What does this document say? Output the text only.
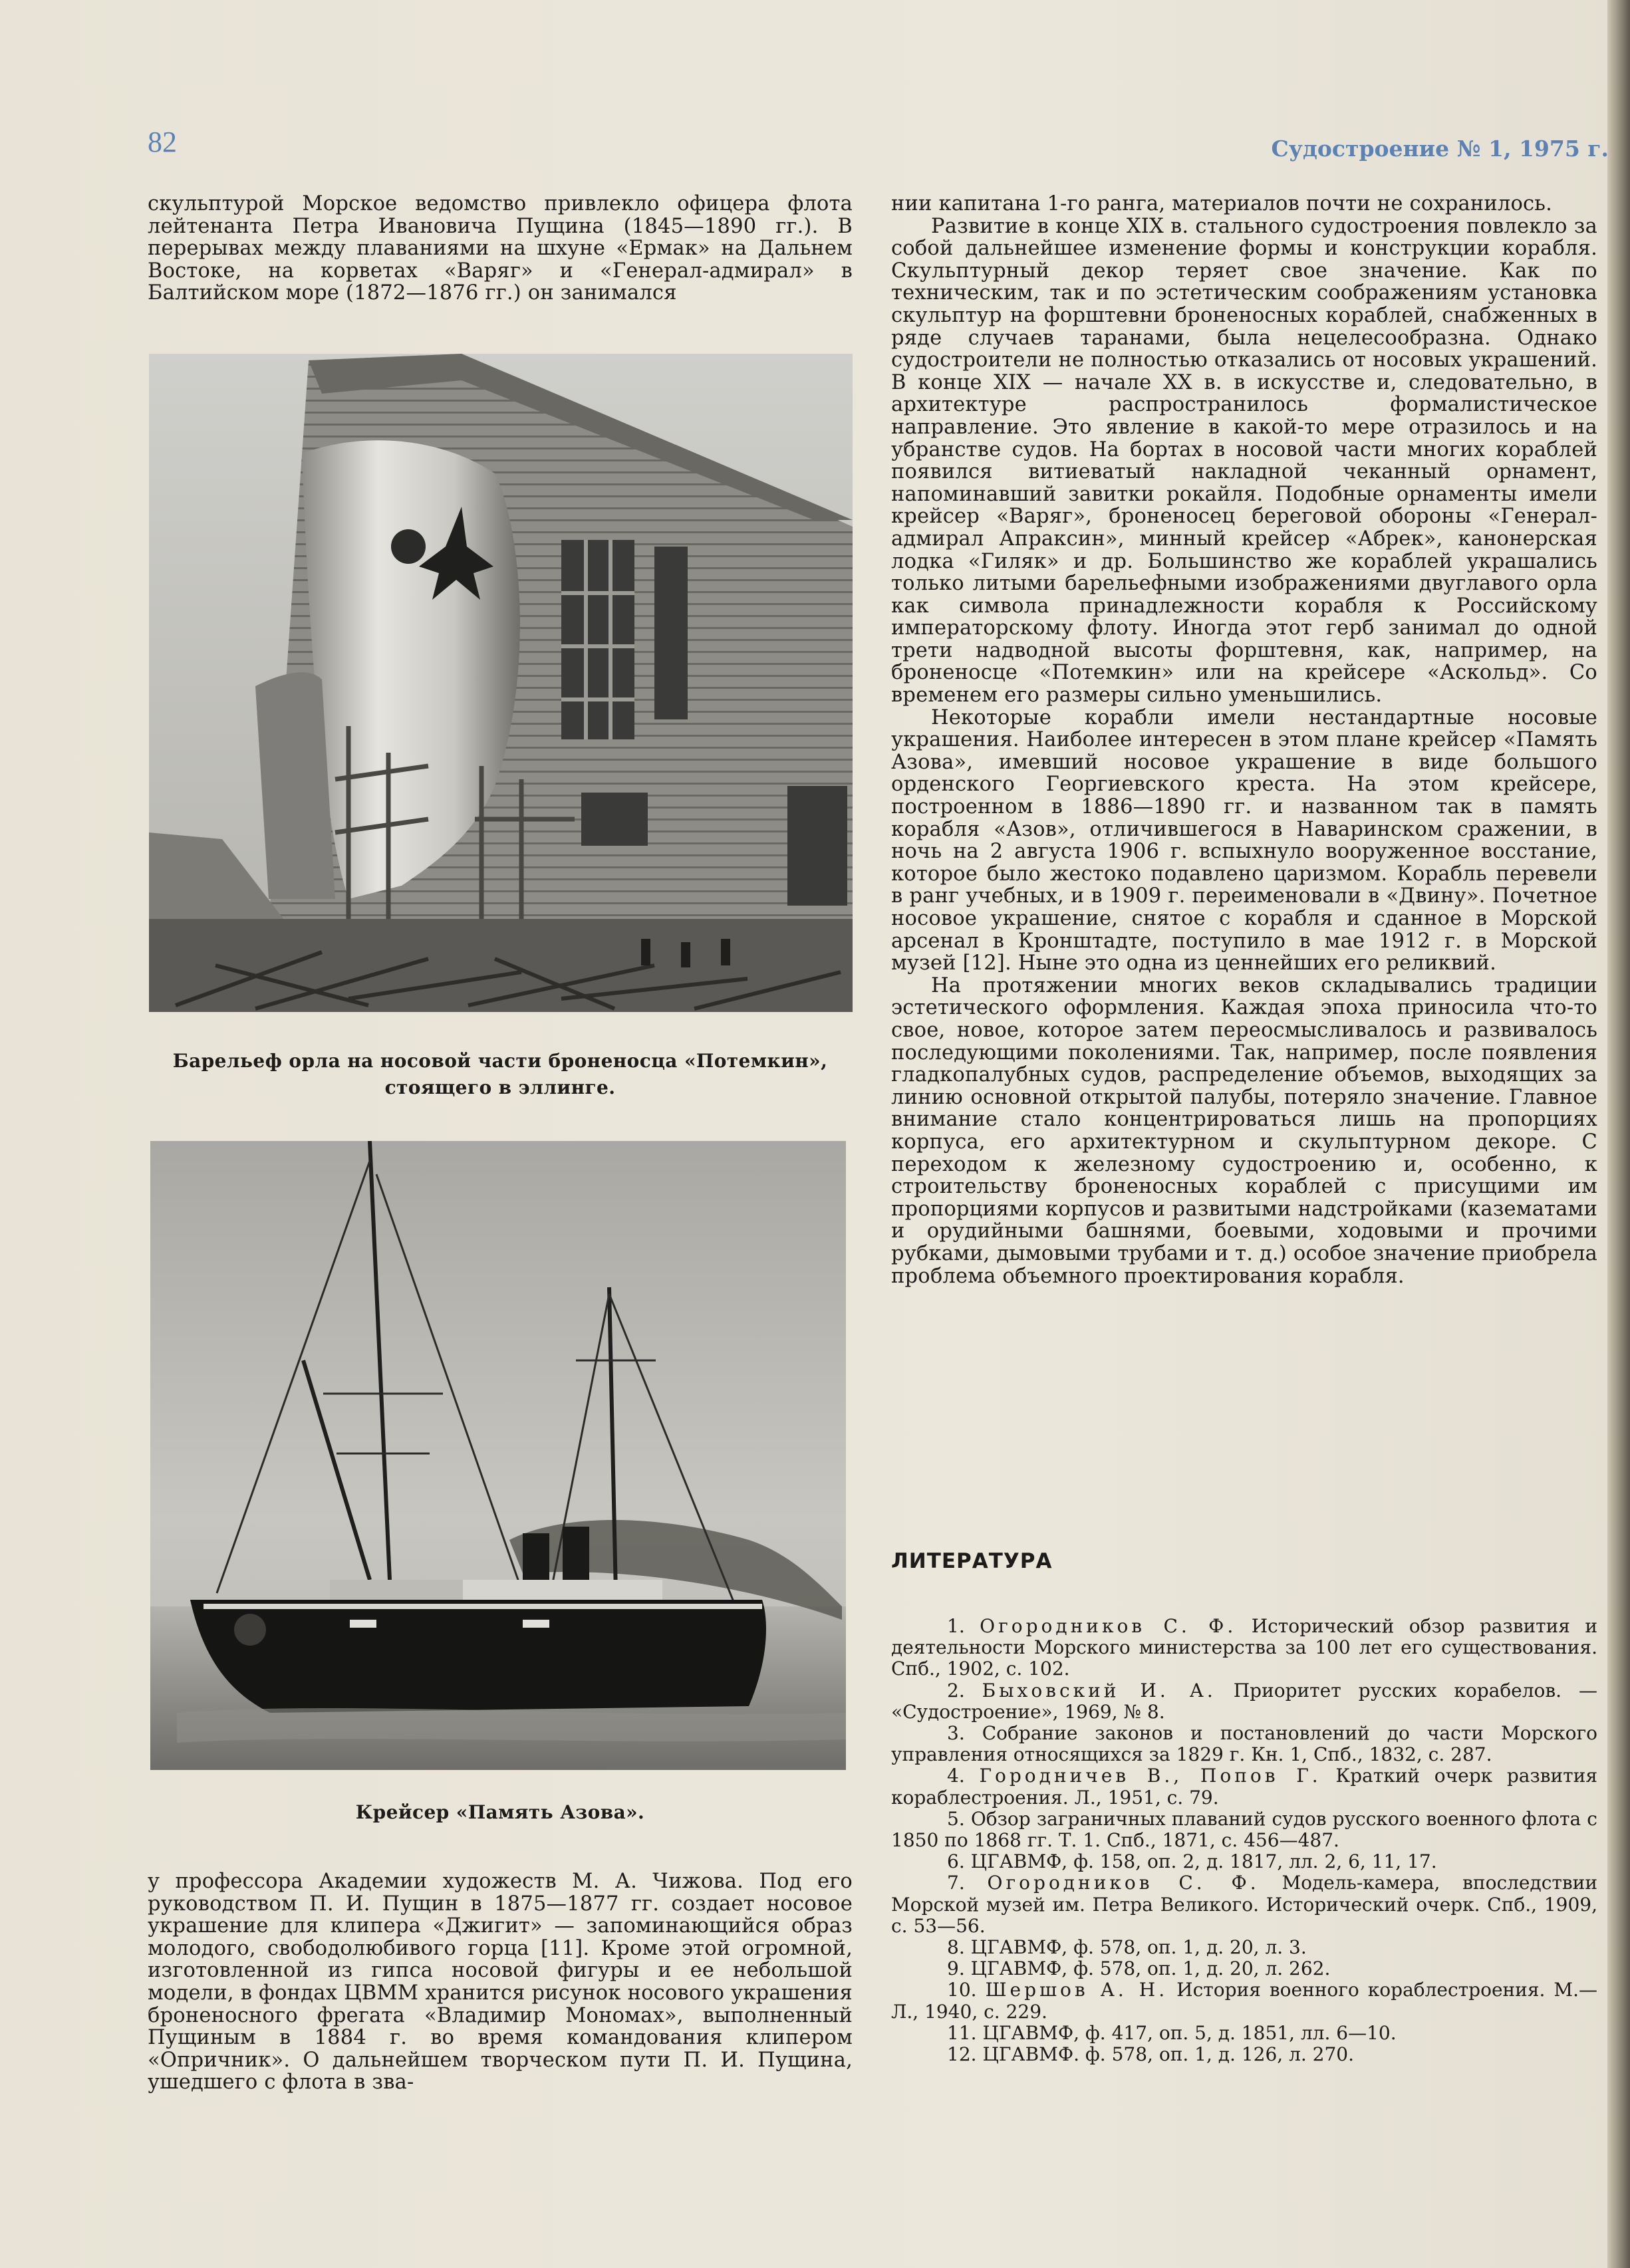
82	Судостроение № 1, 1975 г.

скульптурой Морское ведомство привлекло офицера флота лейтенанта Петра Ивановича Пущина (1845—1890 гг.). В перерывах между плаваниями на шхуне «Ермак» на Дальнем Востоке, на корветах «Варяг» и «Генерал-адмирал» в Балтийском море (1872—1876 гг.) он занимался

Барельеф орла на носовой части броненосца «Потемкин», стоящего в эллинге.
Крейсер «Память Азова».

у профессора Академии художеств М. А. Чижова. Под его руководством П. И. Пущин в 1875—1877 гг. создает носовое украшение для клипера «Джигит» — запоминающийся образ молодого, свободолюбивого горца [11]. Кроме этой огромной, изготовленной из гипса носовой фигуры и ее небольшой модели, в фондах ЦВММ хранится рисунок носового украшения броненосного фрегата «Владимир Мономах», выполненный Пущиным в 1884 г. во время командования клипером «Опричник». О дальнейшем творческом пути П. И. Пущина, ушедшего с флота в зва-

нии капитана 1-го ранга, материалов почти не сохранилось.

Развитие в конце XIX в. стального судостроения повлекло за собой дальнейшее изменение формы и конструкции корабля. Скульптурный декор теряет свое значение. Как по техническим, так и по эстетическим соображениям установка скульптур на форштевни броненосных кораблей, снабженных в ряде случаев таранами, была нецелесообразна. Однако судостроители не полностью отказались от носовых украшений. В конце XIX — начале XX в. в искусстве и, следовательно, в архитектуре распространилось формалистическое направление. Это явление в какой-то мере отразилось и на убранстве судов. На бортах в носовой части многих кораблей появился витиеватый накладной чеканный орнамент, напоминавший завитки рокайля. Подобные орнаменты имели крейсер «Варяг», броненосец береговой обороны «Генерал-адмирал Апраксин», минный крейсер «Абрек», канонерская лодка «Гиляк» и др. Большинство же кораблей украшались только литыми барельефными изображениями двуглавого орла как символа принадлежности корабля к Российскому императорскому флоту. Иногда этот герб занимал до одной трети надводной высоты форштевня, как, например, на броненосце «Потемкин» или на крейсере «Аскольд». Со временем его размеры сильно уменьшились.

Некоторые корабли имели нестандартные носовые украшения. Наиболее интересен в этом плане крейсер «Память Азова», имевший носовое украшение в виде большого орденского Георгиевского креста. На этом крейсере, построенном в 1886—1890 гг. и названном так в память корабля «Азов», отличившегося в Наваринском сражении, в ночь на 2 августа 1906 г. вспыхнуло вооруженное восстание, которое было жестоко подавлено царизмом. Корабль перевели в ранг учебных, и в 1909 г. переименовали в «Двину». Почетное носовое украшение, снятое с корабля и сданное в Морской арсенал в Кронштадте, поступило в мае 1912 г. в Морской музей [12]. Ныне это одна из ценнейших его реликвий.

На протяжении многих веков складывались традиции эстетического оформления. Каждая эпоха приносила что-то свое, новое, которое затем переосмысливалось и развивалось последующими поколениями. Так, например, после появления гладкопалубных судов, распределение объемов, выходящих за линию основной открытой палубы, потеряло значение. Главное внимание стало концентрироваться лишь на пропорциях корпуса, его архитектурном и скульптурном декоре. С переходом к железному судостроению и, особенно, к строительству броненосных кораблей с присущими им пропорциями корпусов и развитыми надстройками (казематами и орудийными башнями, боевыми, ходовыми и прочими рубками, дымовыми трубами и т. д.) особое значение приобрела проблема объемного проектирования корабля.

ЛИТЕРАТУРА

1. Огородников С. Ф. Исторический обзор развития и деятельности Морского министерства за 100 лет его существования. Спб., 1902, с. 102.

2. Быховский И. А. Приоритет русских корабелов. — «Судостроение», 1969, № 8.

3. Собрание законов и постановлений до части Морского управления относящихся за 1829 г. Кн. 1, Спб., 1832, с. 287.

4. Городничев В., Попов Г. Краткий очерк развития кораблестроения. Л., 1951, с. 79.

5. Обзор заграничных плаваний судов русского военного флота с 1850 по 1868 гг. Т. 1. Спб., 1871, с. 456—487.

6. ЦГАВМФ, ф. 158, оп. 2, д. 1817, лл. 2, 6, 11, 17.

7. Огородников С. Ф. Модель-камера, впоследствии Морской музей им. Петра Великого. Исторический очерк. Спб., 1909, с. 53—56.

8. ЦГАВМФ, ф. 578, оп. 1, д. 20, л. 3.

9. ЦГАВМФ, ф. 578, оп. 1, д. 20, л. 262.

10. Шершов А. Н. История военного кораблестроения. М.—Л., 1940, с. 229.

11. ЦГАВМФ, ф. 417, оп. 5, д. 1851, лл. 6—10.

12. ЦГАВМФ. ф. 578, оп. 1, д. 126, л. 270.
